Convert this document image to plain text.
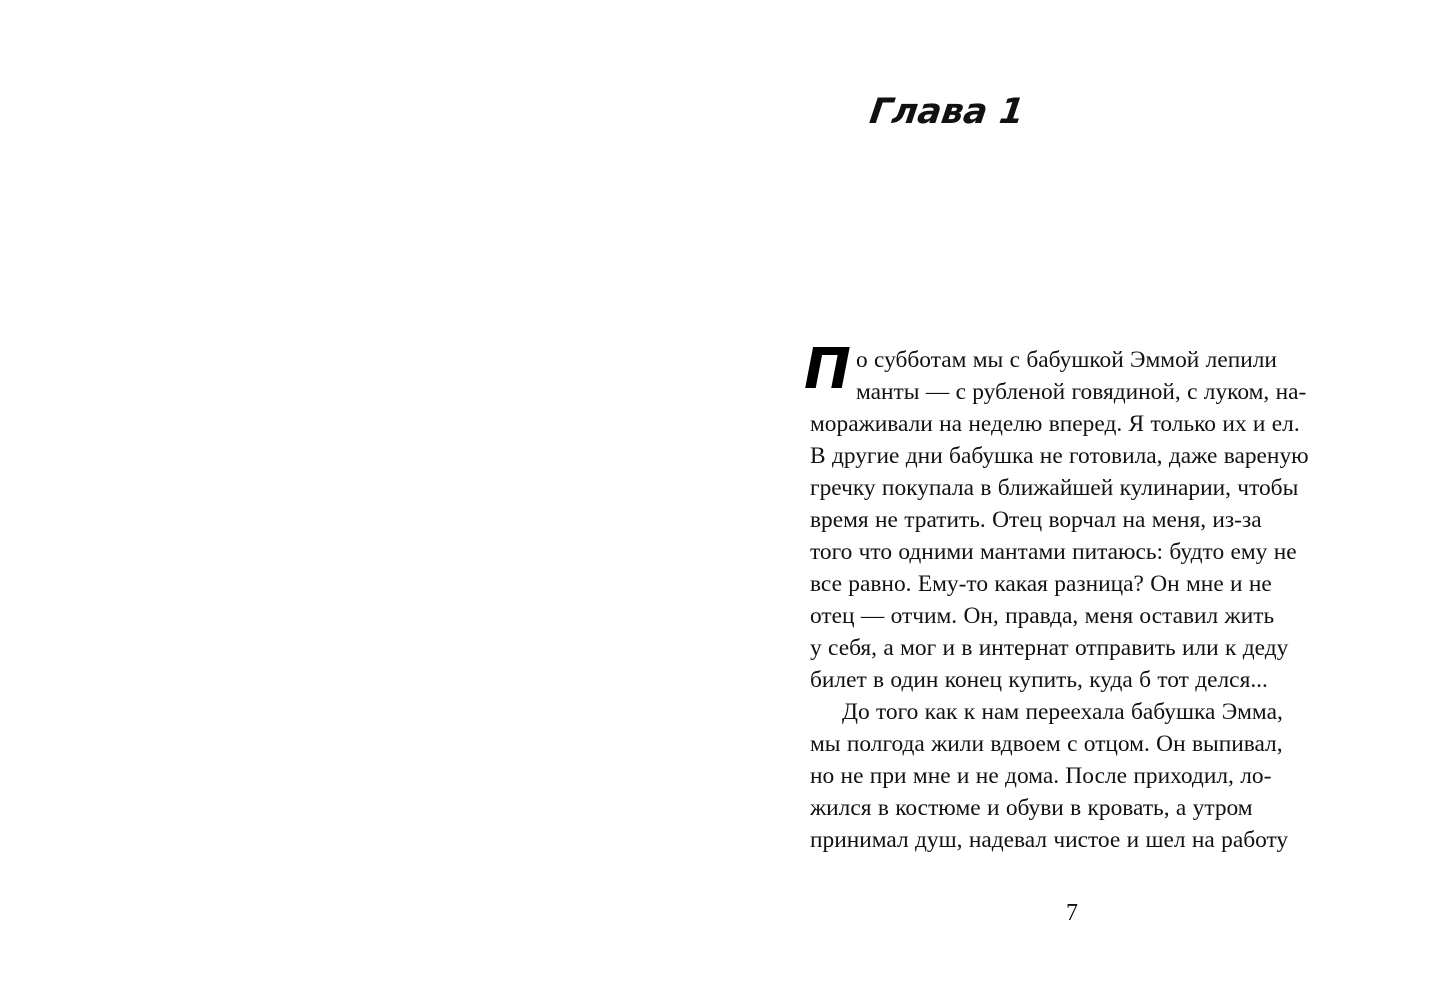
Глава 1
П о субботам мы с бабушкой Эммой лепили
манты — с рубленой говядиной, с луком, на-
мораживали на неделю вперед. Я только их и ел.
В другие дни бабушка не готовила, даже вареную
гречку покупала в ближайшей кулинарии, чтобы
время не тратить. Отец ворчал на меня, из-за
того что одними мантами питаюсь: будто ему не
все равно. Ему-то какая разница? Он мне и не
отец — отчим. Он, правда, меня оставил жить
у себя, а мог и в интернат отправить или к деду
билет в один конец купить, куда б тот делся...
До того как к нам переехала бабушка Эмма,
мы полгода жили вдвоем с отцом. Он выпивал,
но не при мне и не дома. После приходил, ло-
жился в костюме и обуви в кровать, а утром
принимал душ, надевал чистое и шел на работу
7
